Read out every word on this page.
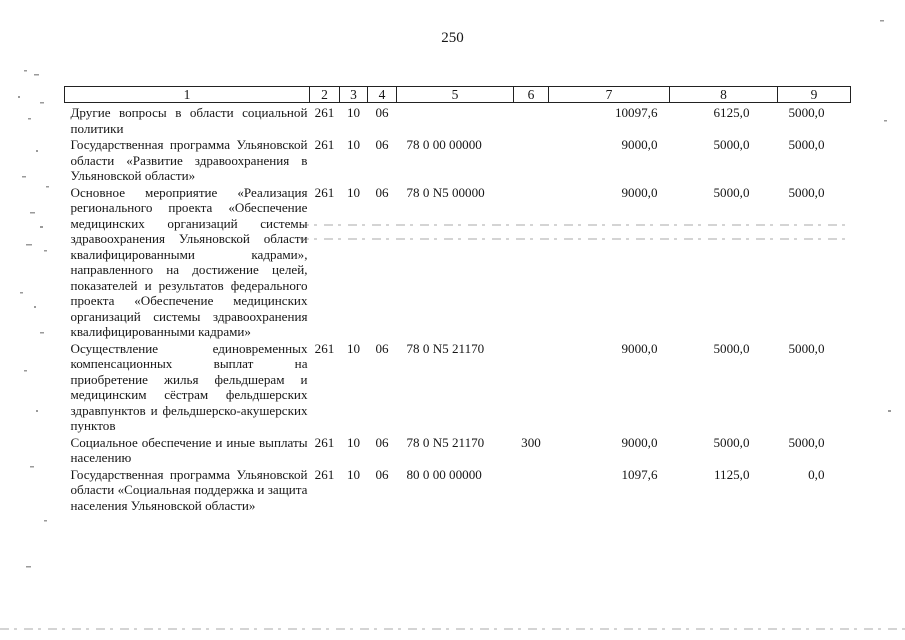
250
1	2	3	4	5	6	7	8	9
Другие вопросы в области социальной политики	261	10	06			10097,6	6125,0	5000,0
Государственная программа Ульяновской области «Развитие здравоохранения в Ульяновской области»	261	10	06	78 0 00 00000		9000,0	5000,0	5000,0
Основное мероприятие «Реализация регионального проекта «Обеспечение медицинских организаций системы здравоохранения Ульяновской области квалифицированными кадрами», направленного на достижение целей, показателей и результатов федерального проекта «Обеспечение медицинских организаций системы здравоохранения квалифицированными кадрами»	261	10	06	78 0 N5 00000		9000,0	5000,0	5000,0
Осуществление единовременных компенсационных выплат на приобретение жилья фельдшерам и медицинским сёстрам фельдшерских здравпунктов и фельдшерско-акушерских пунктов	261	10	06	78 0 N5 21170		9000,0	5000,0	5000,0
Социальное обеспечение и иные выплаты населению	261	10	06	78 0 N5 21170	300	9000,0	5000,0	5000,0
Государственная программа Ульяновской области «Социальная поддержка и защита населения Ульяновской области»	261	10	06	80 0 00 00000		1097,6	1125,0	0,0
